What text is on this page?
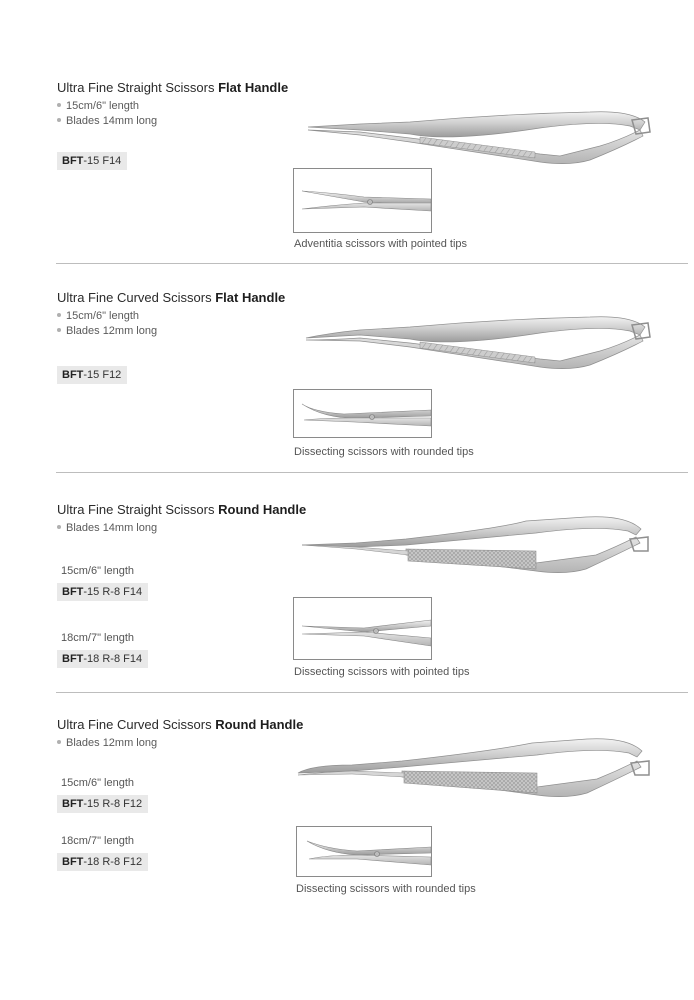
Ultra Fine Straight Scissors Flat Handle
15cm/6" length
Blades 14mm long
BFT-15 F14
Adventitia scissors with pointed tips
Ultra Fine Curved Scissors Flat Handle
15cm/6" length
Blades 12mm long
BFT-15 F12
Dissecting scissors with rounded tips
Ultra Fine Straight Scissors Round Handle
Blades 14mm long
15cm/6" length
BFT-15 R-8 F14
18cm/7" length
BFT-18 R-8 F14
Dissecting scissors with pointed tips
Ultra Fine Curved Scissors Round Handle
Blades 12mm long
15cm/6" length
BFT-15 R-8 F12
18cm/7" length
BFT-18 R-8 F12
Dissecting scissors with rounded tips
